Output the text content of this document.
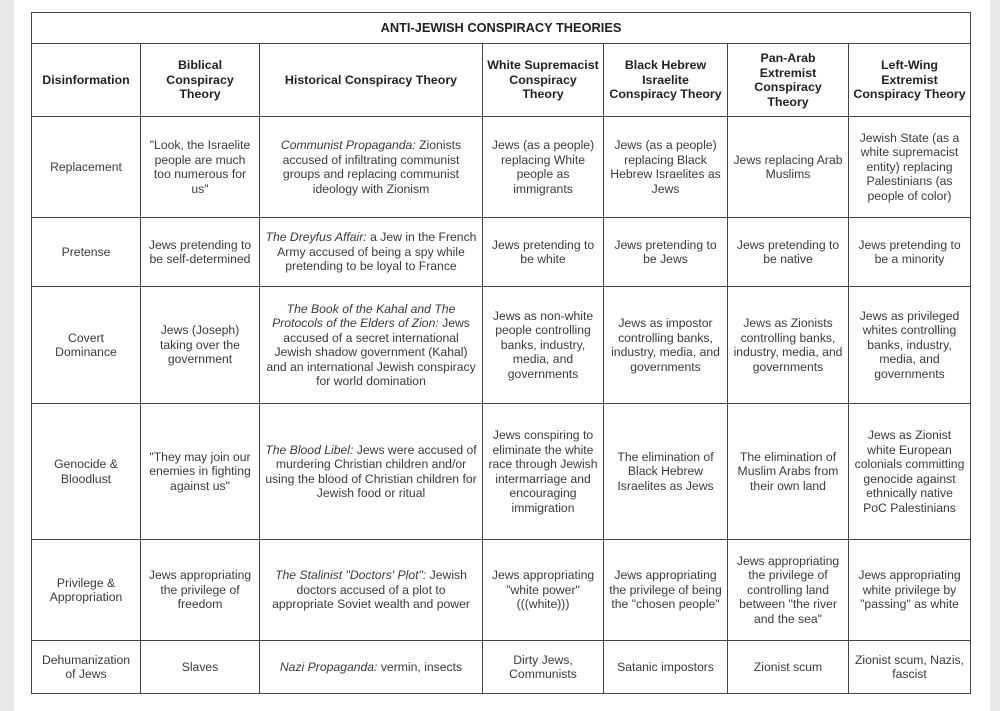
ANTI-JEWISH CONSPIRACY THEORIES						
Disinformation	Biblical Conspiracy Theory	Historical Conspiracy Theory	White Supremacist Conspiracy Theory	Black Hebrew Israelite Conspiracy Theory	Pan-Arab Extremist Conspiracy Theory	Left-Wing Extremist Conspiracy Theory
Replacement	"Look, the Israelite people are much too numerous for us"	Communist Propaganda: Zionists accused of infiltrating communist groups and replacing communist ideology with Zionism	Jews (as a people) replacing White people as immigrants	Jews (as a people) replacing Black Hebrew Israelites as Jews	Jews replacing Arab Muslims	Jewish State (as a white supremacist entity) replacing Palestinians (as people of color)
Pretense	Jews pretending to be self-determined	The Dreyfus Affair: a Jew in the French Army accused of being a spy while pretending to be loyal to France	Jews pretending to be white	Jews pretending to be Jews	Jews pretending to be native	Jews pretending to be a minority
Covert Dominance	Jews (Joseph) taking over the government	The Book of the Kahal and The Protocols of the Elders of Zion: Jews accused of a secret international Jewish shadow government (Kahal) and an international Jewish conspiracy for world domination	Jews as non-white people controlling banks, industry, media, and governments	Jews as impostor controlling banks, industry, media, and governments	Jews as Zionists controlling banks, industry, media, and governments	Jews as privileged whites controlling banks, industry, media, and governments
Genocide & Bloodlust	"They may join our enemies in fighting against us"	The Blood Libel: Jews were accused of murdering Christian children and/or using the blood of Christian children for Jewish food or ritual	Jews conspiring to eliminate the white race through Jewish intermarriage and encouraging immigration	The elimination of Black Hebrew Israelites as Jews	The elimination of Muslim Arabs from their own land	Jews as Zionist white European colonials committing genocide against ethnically native PoC Palestinians
Privilege & Appropriation	Jews appropriating the privilege of freedom	The Stalinist "Doctors' Plot": Jewish doctors accused of a plot to appropriate Soviet wealth and power	Jews appropriating "white power" (((white)))	Jews appropriating the privilege of being the "chosen people"	Jews appropriating the privilege of controlling land between "the river and the sea"	Jews appropriating white privilege by "passing" as white
Dehumanization of Jews	Slaves	Nazi Propaganda: vermin, insects	Dirty Jews, Communists	Satanic impostors	Zionist scum	Zionist scum, Nazis, fascist
